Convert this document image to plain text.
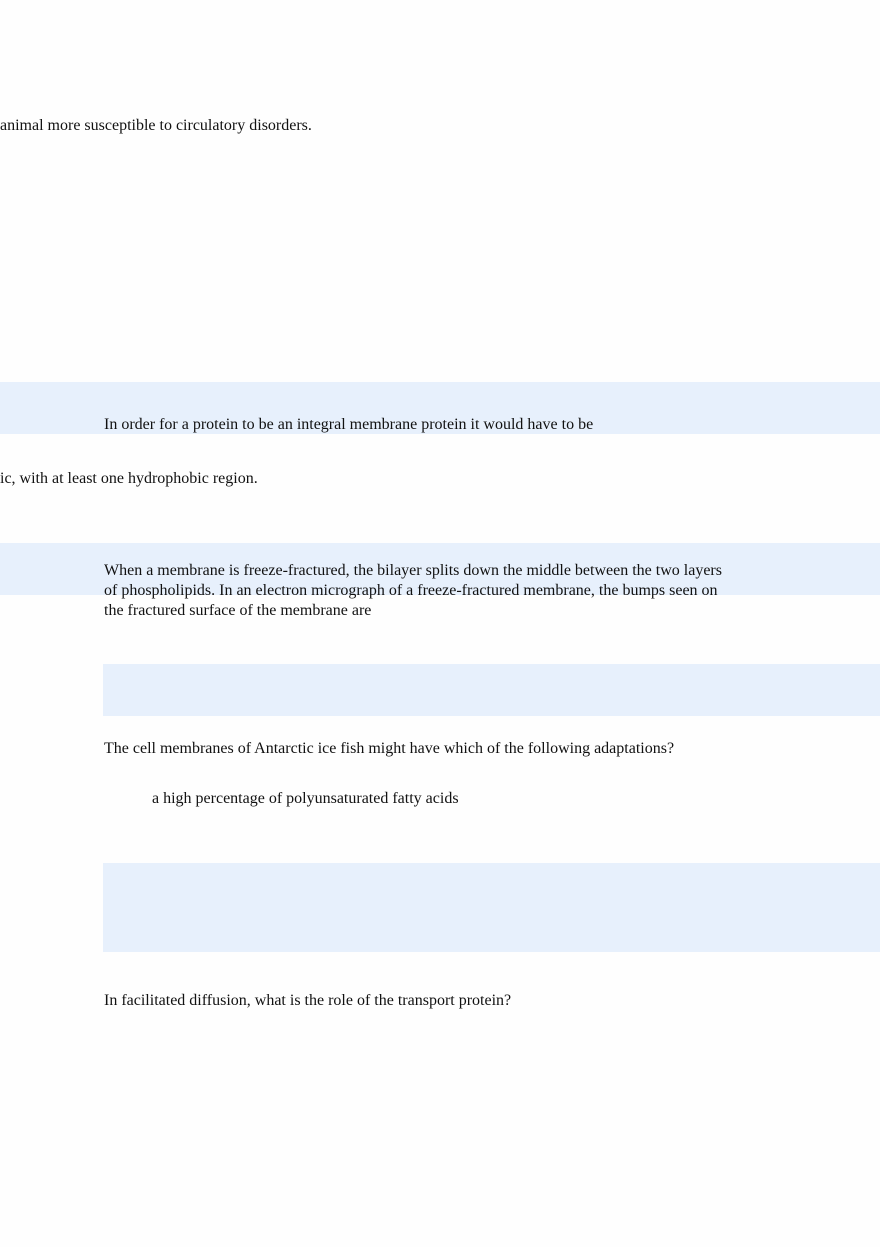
animal more susceptible to circulatory disorders.
In order for a protein to be an integral membrane protein it would have to be
ic, with at least one hydrophobic region.
When a membrane is freeze-fractured, the bilayer splits down the middle between the two layers
of phospholipids. In an electron micrograph of a freeze-fractured membrane, the bumps seen on
the fractured surface of the membrane are
The cell membranes of Antarctic ice fish might have which of the following adaptations?
a high percentage of polyunsaturated fatty acids
In facilitated diffusion, what is the role of the transport protein?
